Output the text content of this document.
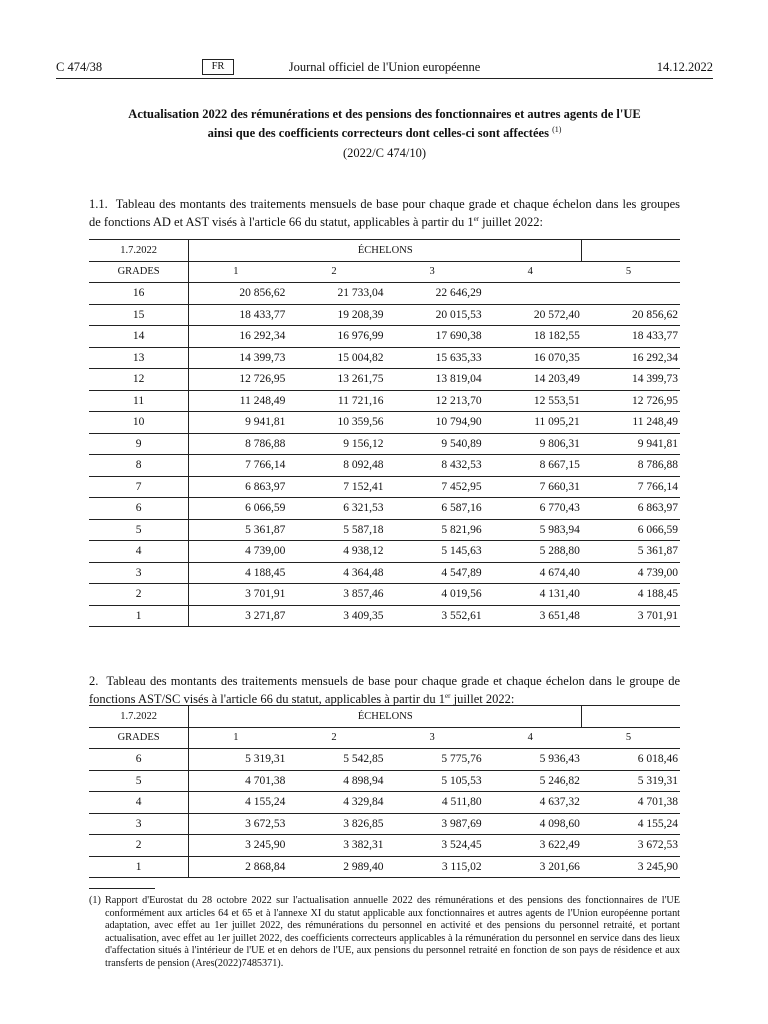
C 474/38	FR	Journal officiel de l'Union européenne	14.12.2022
Actualisation 2022 des rémunérations et des pensions des fonctionnaires et autres agents de l'UE
ainsi que des coefficients correcteurs dont celles-ci sont affectées $^{(1)}$
(2022/C 474/10)
1.1. Tableau des montants des traitements mensuels de base pour chaque grade et chaque échelon dans les groupes de fonctions AD et AST visés à l'article 66 du statut, applicables à partir du 1er juillet 2022:
1.7.2022	ÉCHELONS				
GRADES	1	2	3	4	5
16	20 856,62	21 733,04	22 646,29		
15	18 433,77	19 208,39	20 015,53	20 572,40	20 856,62
14	16 292,34	16 976,99	17 690,38	18 182,55	18 433,77
13	14 399,73	15 004,82	15 635,33	16 070,35	16 292,34
12	12 726,95	13 261,75	13 819,04	14 203,49	14 399,73
11	11 248,49	11 721,16	12 213,70	12 553,51	12 726,95
10	9 941,81	10 359,56	10 794,90	11 095,21	11 248,49
9	8 786,88	9 156,12	9 540,89	9 806,31	9 941,81
8	7 766,14	8 092,48	8 432,53	8 667,15	8 786,88
7	6 863,97	7 152,41	7 452,95	7 660,31	7 766,14
6	6 066,59	6 321,53	6 587,16	6 770,43	6 863,97
5	5 361,87	5 587,18	5 821,96	5 983,94	6 066,59
4	4 739,00	4 938,12	5 145,63	5 288,80	5 361,87
3	4 188,45	4 364,48	4 547,89	4 674,40	4 739,00
2	3 701,91	3 857,46	4 019,56	4 131,40	4 188,45
1	3 271,87	3 409,35	3 552,61	3 651,48	3 701,91
2. Tableau des montants des traitements mensuels de base pour chaque grade et chaque échelon dans le groupe de fonctions AST/SC visés à l'article 66 du statut, applicables à partir du 1er juillet 2022:
1.7.2022	ÉCHELONS				
GRADES	1	2	3	4	5
6	5 319,31	5 542,85	5 775,76	5 936,43	6 018,46
5	4 701,38	4 898,94	5 105,53	5 246,82	5 319,31
4	4 155,24	4 329,84	4 511,80	4 637,32	4 701,38
3	3 672,53	3 826,85	3 987,69	4 098,60	4 155,24
2	3 245,90	3 382,31	3 524,45	3 622,49	3 672,53
1	2 868,84	2 989,40	3 115,02	3 201,66	3 245,90
(1) Rapport d'Eurostat du 28 octobre 2022 sur l'actualisation annuelle 2022 des rémunérations et des pensions des fonctionnaires de l'UE conformément aux articles 64 et 65 et à l'annexe XI du statut applicable aux fonctionnaires et autres agents de l'Union européenne portant adaptation, avec effet au 1er juillet 2022, des rémunérations du personnel en activité et des pensions du personnel retraité, et portant actualisation, avec effet au 1er juillet 2022, des coefficients correcteurs applicables à la rémunération du personnel en service dans des lieux d'affectation situés à l'intérieur de l'UE et en dehors de l'UE, aux pensions du personnel retraité en fonction de son pays de résidence et aux transferts de pension (Ares(2022)7485371).
